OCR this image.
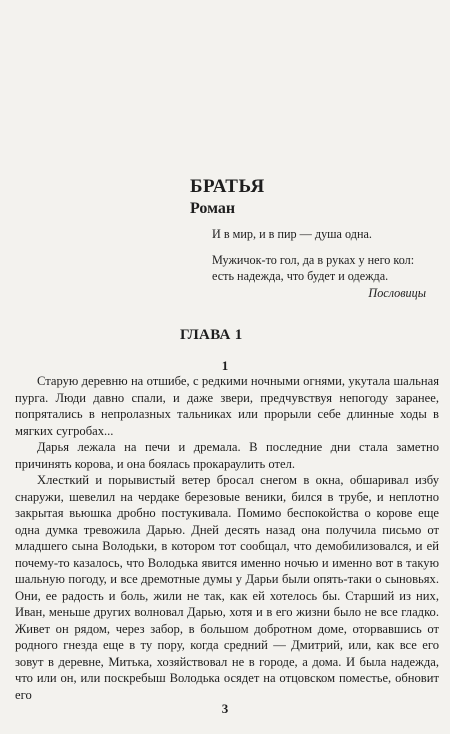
БРАТЬЯ
Роман
И в мир, и в пир — душа одна.
Мужичок-то гол, да в руках у него кол:
есть надежда, что будет и одежда.
Пословицы
ГЛАВА 1
1

Старую деревню на отшибе, с редкими ночными огнями, укутала шальная пурга. Люди давно спали, и даже звери, предчувствуя непогоду заранее, попрятались в непролазных тальниках или прорыли себе длинные ходы в мягких сугробах...

Дарья лежала на печи и дремала. В последние дни стала заметно причинять корова, и она боялась прокараулить отел.

Хлесткий и порывистый ветер бросал снегом в окна, обшаривал избу снаружи, шевелил на чердаке березовые веники, бился в трубе, и неплотно закрытая вьюшка дробно постукивала. Помимо беспокойства о корове еще одна думка тревожила Дарью. Дней десять назад она получила письмо от младшего сына Володьки, в котором тот сообщал, что демобилизовался, и ей почему-то казалось, что Володька явится именно ночью и именно вот в такую шальную погоду, и все дремотные думы у Дарьи были опять-таки о сыновьях. Они, ее радость и боль, жили не так, как ей хотелось бы. Старший из них, Иван, меньше других волновал Дарью, хотя и в его жизни было не все гладко. Живет он рядом, через забор, в большом добротном доме, оторвавшись от родного гнезда еще в ту пору, когда средний — Дмитрий, или, как все его зовут в деревне, Митька, хозяйствовал не в городе, а дома. И была надежда, что или он, или поскребыш Володька осядет на отцовском поместье, обновит его

3
